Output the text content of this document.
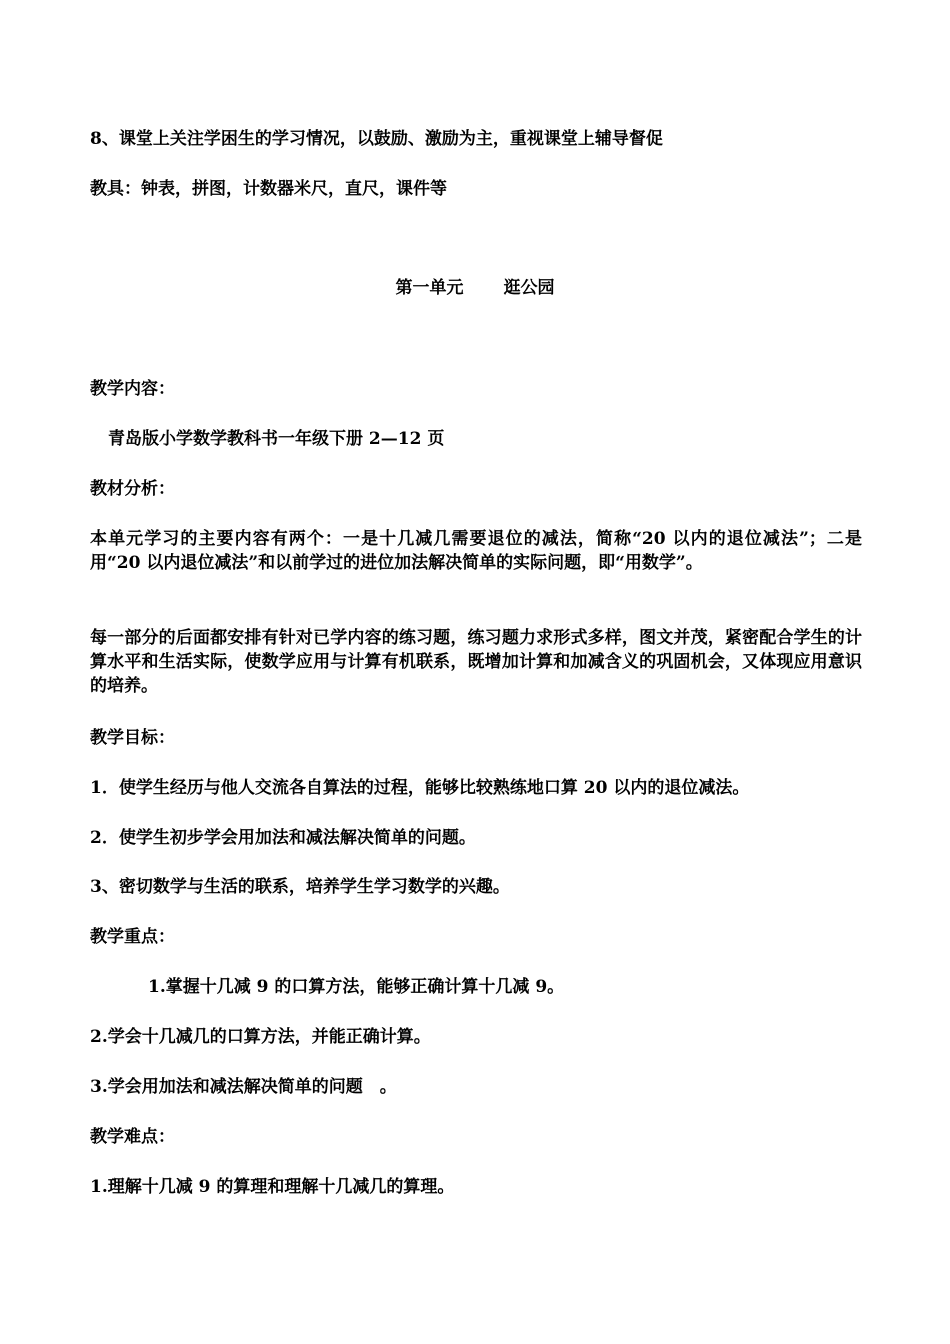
8、课堂上关注学困生的学习情况，以鼓励、激励为主，重视课堂上辅导督促
教具：钟表，拼图，计数器米尺，直尺，课件等
第一单元 逛公园
教学内容：
青岛版小学数学教科书一年级下册 2—12 页
教材分析：
本单元学习的主要内容有两个：一是十几减几需要退位的减法，简称“20 以内的退位减法”；二是用“20 以内退位减法”和以前学过的进位加法解决简单的实际问题，即“用数学”。
每一部分的后面都安排有针对已学内容的练习题，练习题力求形式多样，图文并茂，紧密配合学生的计算水平和生活实际，使数学应用与计算有机联系，既增加计算和加减含义的巩固机会，又体现应用意识的培养。
教学目标：
1．使学生经历与他人交流各自算法的过程，能够比较熟练地口算 20 以内的退位减法。
2．使学生初步学会用加法和减法解决简单的问题。
3、密切数学与生活的联系，培养学生学习数学的兴趣。
教学重点：
1.掌握十几减 9 的口算方法，能够正确计算十几减 9。
2.学会十几减几的口算方法，并能正确计算。
3.学会用加法和减法解决简单的问题　。
教学难点：
1.理解十几减 9 的算理和理解十几减几的算理。
